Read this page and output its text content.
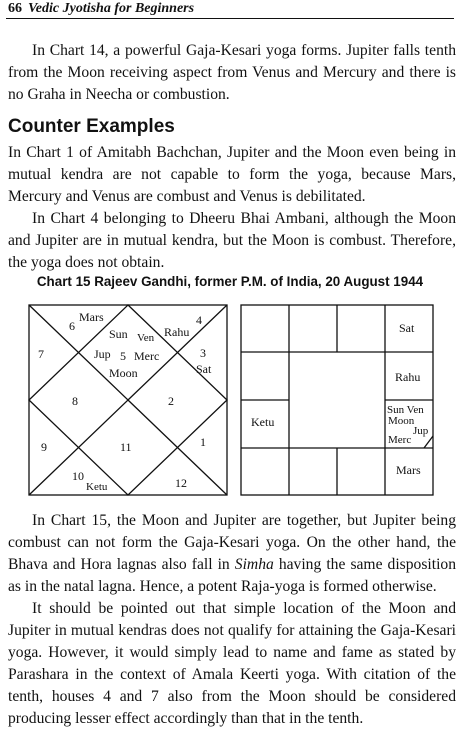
66 Vedic Jyotisha for Beginners

In Chart 14, a powerful Gaja-Kesari yoga forms. Jupiter falls tenth from the Moon receiving aspect from Venus and Mercury and there is no Graha in Neecha or combustion.

Counter Examples

In Chart 1 of Amitabh Bachchan, Jupiter and the Moon even being in mutual kendra are not capable to form the yoga, because Mars, Mercury and Venus are combust and Venus is debilitated.

In Chart 4 belonging to Dheeru Bhai Ambani, although the Moon and Jupiter are in mutual kendra, but the Moon is combust. Therefore, the yoga does not obtain.

Chart 15 Rajeev Gandhi, former P.M. of India, 20 August 1944
6	4
7	3
8	2
9	11	1
10	12
Mars
Sun Ven Rahu
Jup 5 Merc
Moon	Sat
Ketu
Sat
Rahu
Ketu
Mars
Sun Ven
Moon
Jup
Merc

In Chart 15, the Moon and Jupiter are together, but Jupiter being combust can not form the Gaja-Kesari yoga. On the other hand, the Bhava and Hora lagnas also fall in Simha having the same disposition as in the natal lagna. Hence, a potent Raja-yoga is formed otherwise.

It should be pointed out that simple location of the Moon and Jupiter in mutual kendras does not qualify for attaining the Gaja-Kesari yoga. However, it would simply lead to name and fame as stated by Parashara in the context of Amala Keerti yoga. With citation of the tenth, houses 4 and 7 also from the Moon should be considered producing lesser effect accordingly than that in the tenth.
